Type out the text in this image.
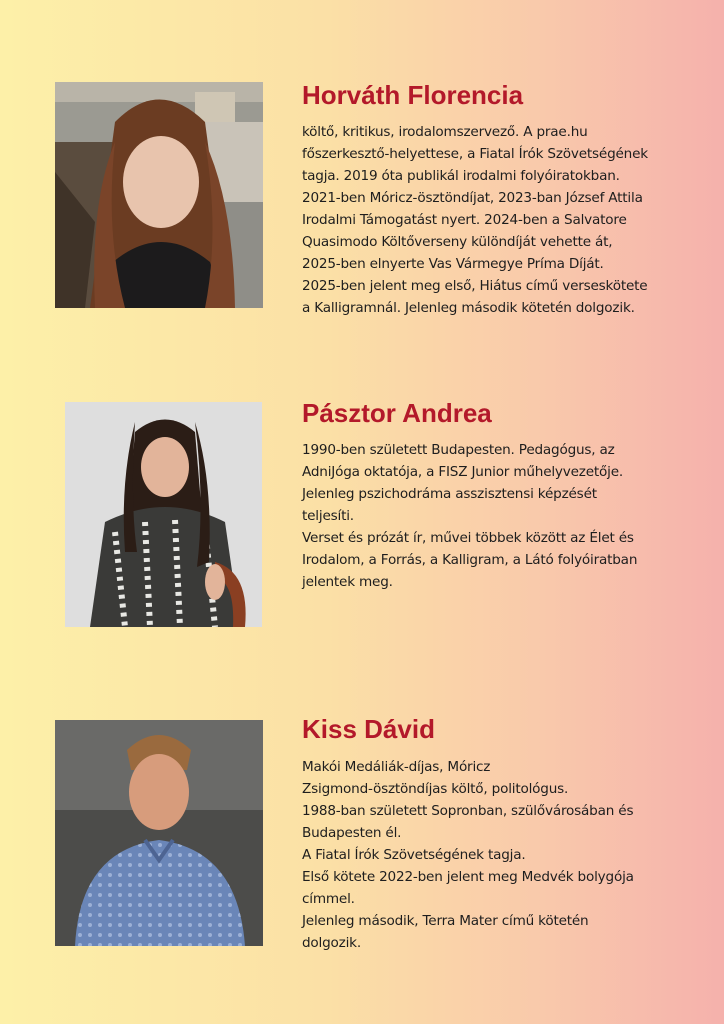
Horváth Florencia

költő, kritikus, irodalomszervező. A prae.hu

főszerkesztő-helyettese, a Fiatal Írók Szövetségének

tagja. 2019 óta publikál irodalmi folyóiratokban.

2021-ben Móricz-ösztöndíjat, 2023-ban József Attila

Irodalmi Támogatást nyert. 2024-ben a Salvatore

Quasimodo Költőverseny különdíját vehette át,

2025-ben elnyerte Vas Vármegye Príma Díját.

2025-ben jelent meg első, Hiátus című verseskötete

a Kalligramnál. Jelenleg második kötetén dolgozik.

Pásztor Andrea

1990-ben született Budapesten. Pedagógus, az

AdniJóga oktatója, a FISZ Junior műhelyvezetője.

Jelenleg pszichodráma asszisztensi képzését

teljesíti.

Verset és prózát ír, művei többek között az Élet és

Irodalom, a Forrás, a Kalligram, a Látó folyóiratban

jelentek meg.

Kiss Dávid

Makói Medáliák-díjas, Móricz

Zsigmond-ösztöndíjas költő, politológus.

1988-ban született Sopronban, szülővárosában és

Budapesten él.

A Fiatal Írók Szövetségének tagja.

Első kötete 2022-ben jelent meg Medvék bolygója

címmel.

Jelenleg második, Terra Mater című kötetén

dolgozik.
